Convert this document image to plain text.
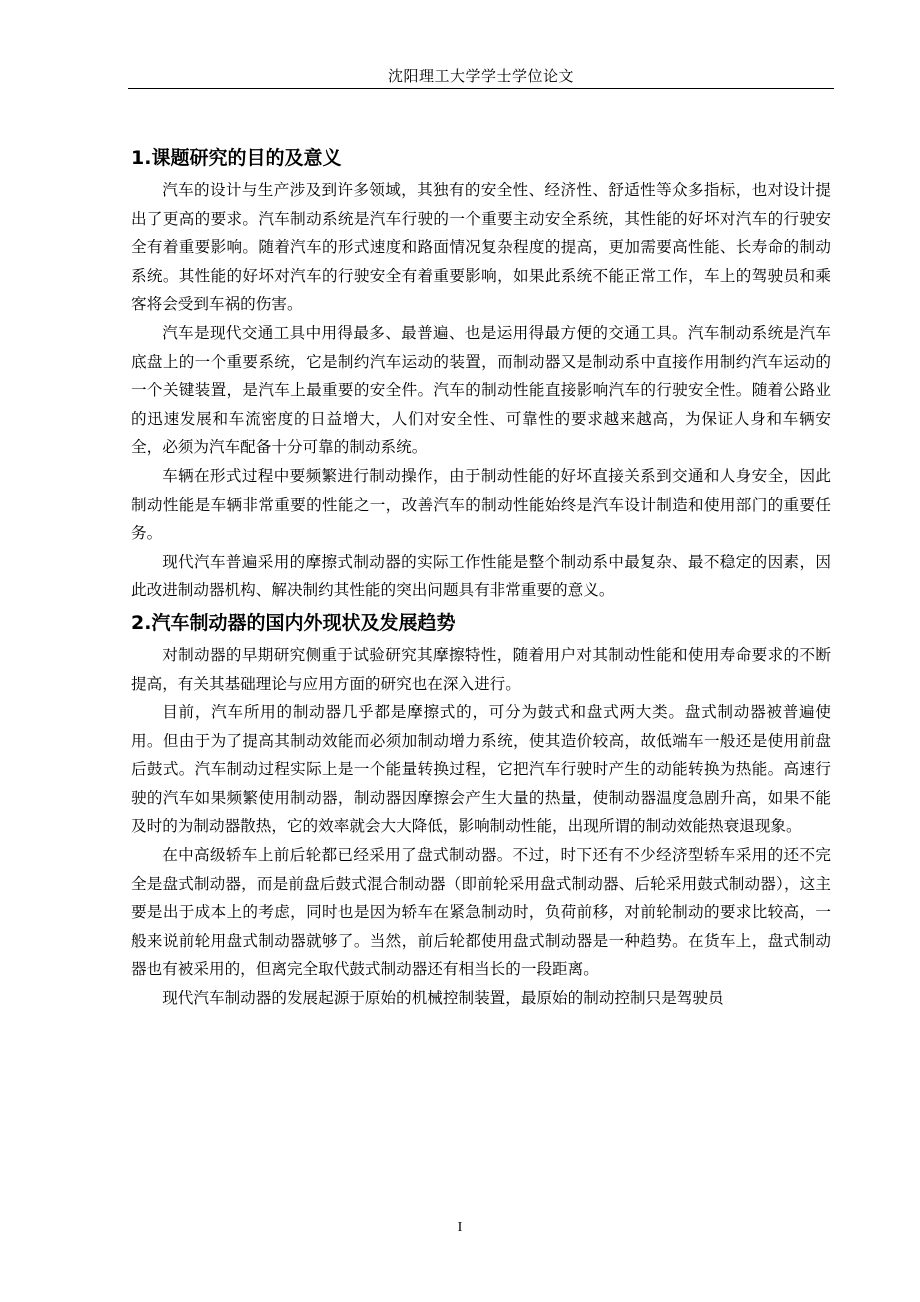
沈阳理工大学学士学位论文
1.课题研究的目的及意义

汽车的设计与生产涉及到许多领域，其独有的安全性、经济性、舒适性等众多指标，也对设计提出了更高的要求。汽车制动系统是汽车行驶的一个重要主动安全系统，其性能的好坏对汽车的行驶安全有着重要影响。随着汽车的形式速度和路面情况复杂程度的提高，更加需要高性能、长寿命的制动系统。其性能的好坏对汽车的行驶安全有着重要影响，如果此系统不能正常工作，车上的驾驶员和乘客将会受到车祸的伤害。

汽车是现代交通工具中用得最多、最普遍、也是运用得最方便的交通工具。汽车制动系统是汽车底盘上的一个重要系统，它是制约汽车运动的装置，而制动器又是制动系中直接作用制约汽车运动的一个关键装置，是汽车上最重要的安全件。汽车的制动性能直接影响汽车的行驶安全性。随着公路业的迅速发展和车流密度的日益增大，人们对安全性、可靠性的要求越来越高，为保证人身和车辆安全，必须为汽车配备十分可靠的制动系统。

车辆在形式过程中要频繁进行制动操作，由于制动性能的好坏直接关系到交通和人身安全，因此制动性能是车辆非常重要的性能之一，改善汽车的制动性能始终是汽车设计制造和使用部门的重要任务。

现代汽车普遍采用的摩擦式制动器的实际工作性能是整个制动系中最复杂、最不稳定的因素，因此改进制动器机构、解决制约其性能的突出问题具有非常重要的意义。

2.汽车制动器的国内外现状及发展趋势

对制动器的早期研究侧重于试验研究其摩擦特性，随着用户对其制动性能和使用寿命要求的不断提高，有关其基础理论与应用方面的研究也在深入进行。

目前，汽车所用的制动器几乎都是摩擦式的，可分为鼓式和盘式两大类。盘式制动器被普遍使用。但由于为了提高其制动效能而必须加制动增力系统，使其造价较高，故低端车一般还是使用前盘后鼓式。汽车制动过程实际上是一个能量转换过程，它把汽车行驶时产生的动能转换为热能。高速行驶的汽车如果频繁使用制动器，制动器因摩擦会产生大量的热量，使制动器温度急剧升高，如果不能及时的为制动器散热，它的效率就会大大降低，影响制动性能，出现所谓的制动效能热衰退现象。

在中高级轿车上前后轮都已经采用了盘式制动器。不过，时下还有不少经济型轿车采用的还不完全是盘式制动器，而是前盘后鼓式混合制动器（即前轮采用盘式制动器、后轮采用鼓式制动器），这主要是出于成本上的考虑，同时也是因为轿车在紧急制动时，负荷前移，对前轮制动的要求比较高，一般来说前轮用盘式制动器就够了。当然，前后轮都使用盘式制动器是一种趋势。在货车上，盘式制动器也有被采用的，但离完全取代鼓式制动器还有相当长的一段距离。

现代汽车制动器的发展起源于原始的机械控制装置，最原始的制动控制只是驾驶员

I
